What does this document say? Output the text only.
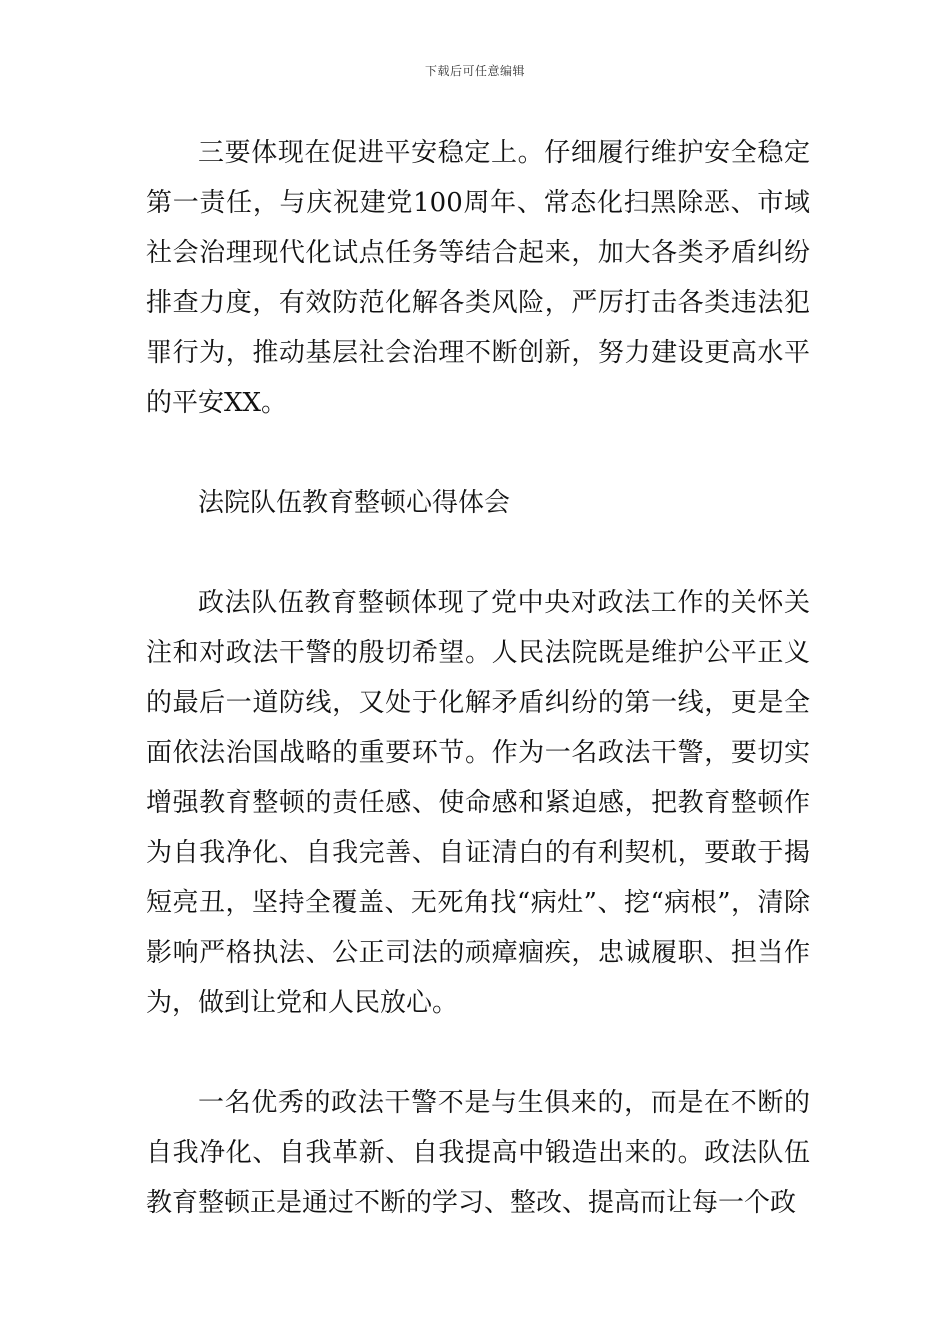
下载后可任意编辑

三要体现在促进平安稳定上。仔细履行维护安全稳定第一责任，与庆祝建党100周年、常态化扫黑除恶、市域社会治理现代化试点任务等结合起来，加大各类矛盾纠纷排查力度，有效防范化解各类风险，严厉打击各类违法犯罪行为，推动基层社会治理不断创新，努力建设更高水平的平安XX。

法院队伍教育整顿心得体会

政法队伍教育整顿体现了党中央对政法工作的关怀关注和对政法干警的殷切希望。人民法院既是维护公平正义的最后一道防线，又处于化解矛盾纠纷的第一线，更是全面依法治国战略的重要环节。作为一名政法干警，要切实增强教育整顿的责任感、使命感和紧迫感，把教育整顿作为自我净化、自我完善、自证清白的有利契机，要敢于揭短亮丑，坚持全覆盖、无死角找“病灶”、挖“病根”，清除影响严格执法、公正司法的顽瘴痼疾，忠诚履职、担当作为，做到让党和人民放心。

一名优秀的政法干警不是与生俱来的，而是在不断的自我净化、自我革新、自我提高中锻造出来的。政法队伍教育整顿正是通过不断的学习、整改、提高而让每一个政
